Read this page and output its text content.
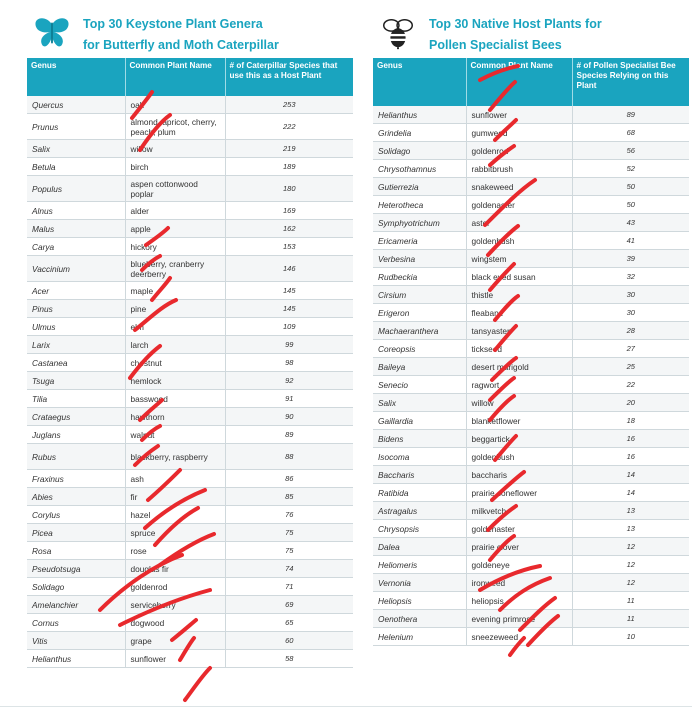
Top 30 Keystone Plant Genera
for Butterfly and Moth Caterpillar
Genus	Common Plant Name	# of Caterpillar Species that use this as a Host Plant
Quercus	oak	253
Prunus	almond, apricot, cherry, peach, plum	222
Salix	willow	219
Betula	birch	189
Populus	aspen cottonwood poplar	180
Alnus	alder	169
Malus	apple	162
Carya	hickory	153
Vaccinium	blueberry, cranberry deerberry	146
Acer	maple	145
Pinus	pine	145
Ulmus	elm	109
Larix	larch	99
Castanea	chestnut	98
Tsuga	hemlock	92
Tilia	basswood	91
Crataegus	hawthorn	90
Juglans	walnut	89
Rubus	blackberry, raspberry	88
Fraxinus	ash	86
Abies	fir	85
Corylus	hazel	76
Picea	spruce	75
Rosa	rose	75
Pseudotsuga	douglas fir	74
Solidago	goldenrod	71
Amelanchier	serviceberry	69
Cornus	dogwood	65
Vitis	grape	60
Helianthus	sunflower	58
Top 30 Native Host Plants for
Pollen Specialist Bees
Genus	Common Plant Name	# of Pollen Specialist Bee Species Relying on this Plant
Helianthus	sunflower	89
Grindelia	gumweed	68
Solidago	goldenrod	56
Chrysothamnus	rabbitbrush	52
Gutierrezia	snakeweed	50
Heterotheca	goldenaster	50
Symphyotrichum	aster	43
Ericameria	goldenbush	41
Verbesina	wingstem	39
Rudbeckia	black eyed susan	32
Cirsium	thistle	30
Erigeron	fleabane	30
Machaeranthera	tansyaster	28
Coreopsis	tickseed	27
Baileya	desert marigold	25
Senecio	ragwort	22
Salix	willow	20
Gaillardia	blanketflower	18
Bidens	beggartick	16
Isocoma	goldenbush	16
Baccharis	baccharis	14
Ratibida	prairie coneflower	14
Astragalus	milkvetch	13
Chrysopsis	goldenaster	13
Dalea	prairie clover	12
Heliomeris	goldeneye	12
Vernonia	ironweed	12
Heliopsis	heliopsis	11
Oenothera	evening primrose	11
Helenium	sneezeweed	10
